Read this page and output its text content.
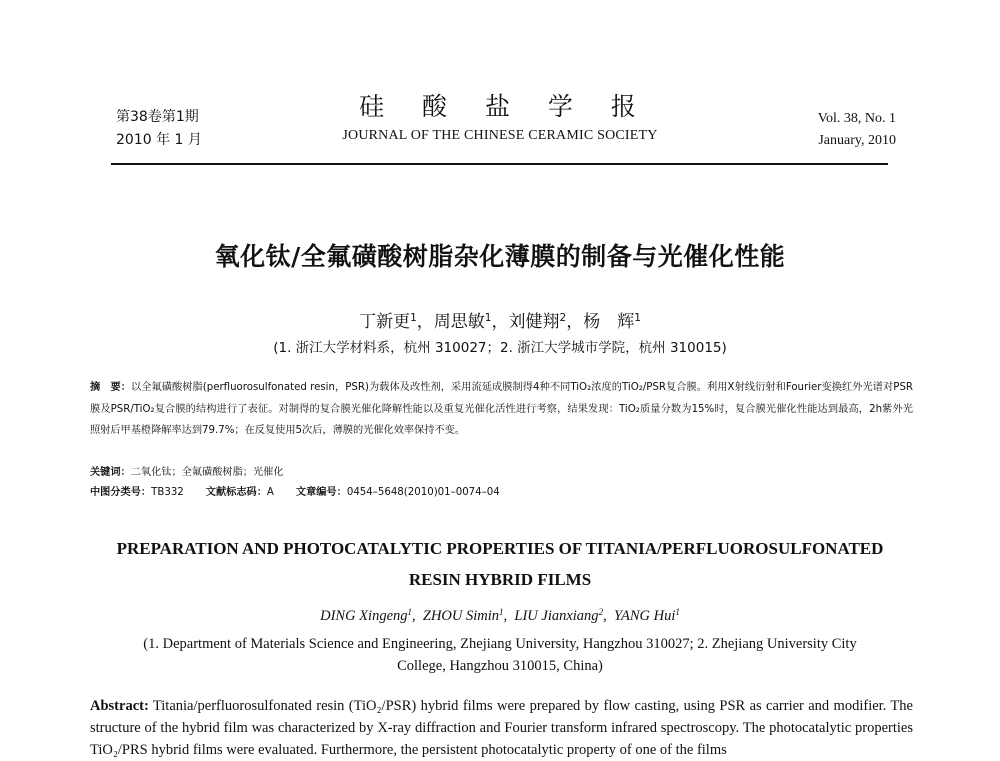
第38卷第1期
2010 年 1 月
硅 酸 盐 学 报
JOURNAL OF THE CHINESE CERAMIC SOCIETY
Vol. 38, No. 1
January, 2010
氧化钛/全氟磺酸树脂杂化薄膜的制备与光催化性能
丁新更$^1$，周思敏$^1$，刘健翔$^2$，杨　辉$^1$
(1. 浙江大学材料系，杭州 310027；2. 浙江大学城市学院，杭州 310015)
摘　要：以全氟磺酸树脂(perfluorosulfonated resin，PSR)为载体及改性剂，采用流延成膜制得4种不同TiO₂浓度的TiO₂/PSR复合膜。利用X射线衍射和Fourier变换红外光谱对PSR膜及PSR/TiO₂复合膜的结构进行了表征。对制得的复合膜光催化降解性能以及重复光催化活性进行考察，结果发现：TiO₂质量分数为15%时，复合膜光催化性能达到最高，2h紫外光照射后甲基橙降解率达到79.7%；在反复使用5次后，薄膜的光催化效率保持不变。
关键词：二氧化钛；全氟磺酸树脂；光催化
中图分类号：TB332 文献标志码：A 文章编号：0454–5648(2010)01–0074–04
PREPARATION AND PHOTOCATALYTIC PROPERTIES OF TITANIA/PERFLUOROSULFONATED
RESIN HYBRID FILMS
DING Xingeng$^1$,  ZHOU Simin$^1$,  LIU Jianxiang$^2$,  YANG Hui$^1$
(1. Department of Materials Science and Engineering, Zhejiang University, Hangzhou 310027; 2. Zhejiang University City College, Hangzhou 310015, China)
Abstract: Titania/perfluorosulfonated resin (TiO₂/PSR) hybrid films were prepared by flow casting, using PSR as carrier and modifier. The structure of the hybrid film was characterized by X-ray diffraction and Fourier transform infrared spectroscopy. The photocatalytic properties TiO₂/PRS hybrid films were evaluated. Furthermore, the persistent photocatalytic property of one of the films
